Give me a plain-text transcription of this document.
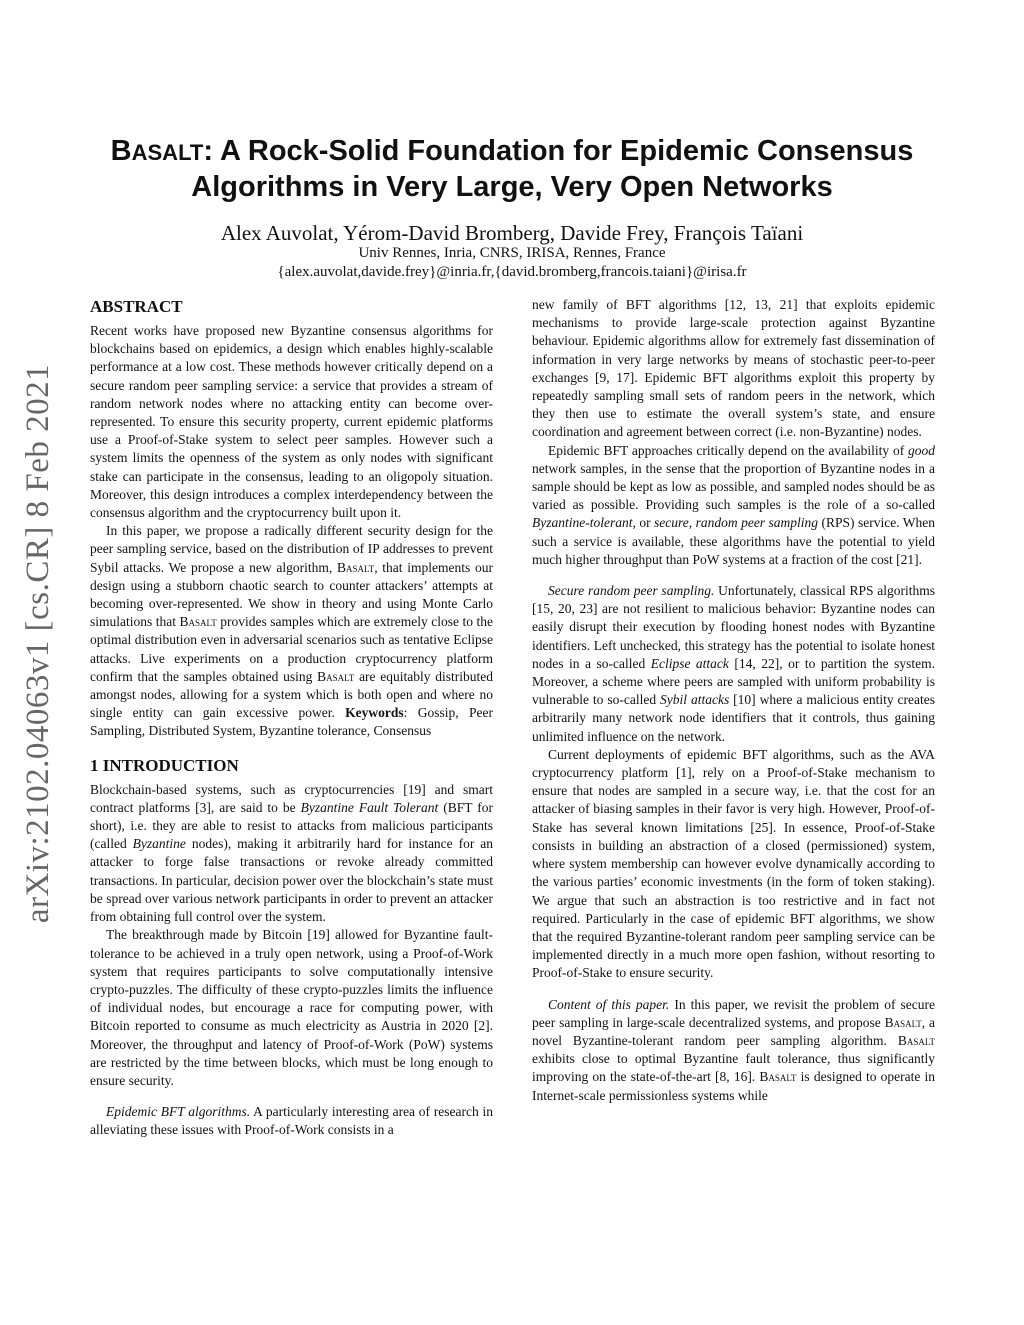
arXiv:2102.04063v1 [cs.CR] 8 Feb 2021
BASALT: A Rock-Solid Foundation for Epidemic Consensus
Algorithms in Very Large, Very Open Networks

Alex Auvolat, Yérom-David Bromberg, Davide Frey, François Taïani

Univ Rennes, Inria, CNRS, IRISA, Rennes, France

{alex.auvolat,davide.frey}@inria.fr,{david.bromberg,francois.taiani}@irisa.fr

ABSTRACT

Recent works have proposed new Byzantine consensus algorithms for blockchains based on epidemics, a design which enables highly-scalable performance at a low cost. These methods however critically depend on a secure random peer sampling service: a service that provides a stream of random network nodes where no attacking entity can become over-represented. To ensure this security property, current epidemic platforms use a Proof-of-Stake system to select peer samples. However such a system limits the openness of the system as only nodes with significant stake can participate in the consensus, leading to an oligopoly situation. Moreover, this design introduces a complex interdependency between the consensus algorithm and the cryptocurrency built upon it.

In this paper, we propose a radically different security design for the peer sampling service, based on the distribution of IP addresses to prevent Sybil attacks. We propose a new algorithm, Basalt, that implements our design using a stubborn chaotic search to counter attackers’ attempts at becoming over-represented. We show in theory and using Monte Carlo simulations that Basalt provides samples which are extremely close to the optimal distribution even in adversarial scenarios such as tentative Eclipse attacks. Live experiments on a production cryptocurrency platform confirm that the samples obtained using Basalt are equitably distributed amongst nodes, allowing for a system which is both open and where no single entity can gain excessive power. Keywords: Gossip, Peer Sampling, Distributed System, Byzantine tolerance, Consensus

1 INTRODUCTION

Blockchain-based systems, such as cryptocurrencies [19] and smart contract platforms [3], are said to be Byzantine Fault Tolerant (BFT for short), i.e. they are able to resist to attacks from malicious participants (called Byzantine nodes), making it arbitrarily hard for instance for an attacker to forge false transactions or revoke already committed transactions. In particular, decision power over the blockchain’s state must be spread over various network participants in order to prevent an attacker from obtaining full control over the system.

The breakthrough made by Bitcoin [19] allowed for Byzantine fault-tolerance to be achieved in a truly open network, using a Proof-of-Work system that requires participants to solve computationally intensive crypto-puzzles. The difficulty of these crypto-puzzles limits the influence of individual nodes, but encourage a race for computing power, with Bitcoin reported to consume as much electricity as Austria in 2020 [2]. Moreover, the throughput and latency of Proof-of-Work (PoW) systems are restricted by the time between blocks, which must be long enough to ensure security.

Epidemic BFT algorithms. A particularly interesting area of research in alleviating these issues with Proof-of-Work consists in a

new family of BFT algorithms [12, 13, 21] that exploits epidemic mechanisms to provide large-scale protection against Byzantine behaviour. Epidemic algorithms allow for extremely fast dissemination of information in very large networks by means of stochastic peer-to-peer exchanges [9, 17]. Epidemic BFT algorithms exploit this property by repeatedly sampling small sets of random peers in the network, which they then use to estimate the overall system’s state, and ensure coordination and agreement between correct (i.e. non-Byzantine) nodes.

Epidemic BFT approaches critically depend on the availability of good network samples, in the sense that the proportion of Byzantine nodes in a sample should be kept as low as possible, and sampled nodes should be as varied as possible. Providing such samples is the role of a so-called Byzantine-tolerant, or secure, random peer sampling (RPS) service. When such a service is available, these algorithms have the potential to yield much higher throughput than PoW systems at a fraction of the cost [21].

Secure random peer sampling. Unfortunately, classical RPS algorithms [15, 20, 23] are not resilient to malicious behavior: Byzantine nodes can easily disrupt their execution by flooding honest nodes with Byzantine identifiers. Left unchecked, this strategy has the potential to isolate honest nodes in a so-called Eclipse attack [14, 22], or to partition the system. Moreover, a scheme where peers are sampled with uniform probability is vulnerable to so-called Sybil attacks [10] where a malicious entity creates arbitrarily many network node identifiers that it controls, thus gaining unlimited influence on the network.

Current deployments of epidemic BFT algorithms, such as the AVA cryptocurrency platform [1], rely on a Proof-of-Stake mechanism to ensure that nodes are sampled in a secure way, i.e. that the cost for an attacker of biasing samples in their favor is very high. However, Proof-of-Stake has several known limitations [25]. In essence, Proof-of-Stake consists in building an abstraction of a closed (permissioned) system, where system membership can however evolve dynamically according to the various parties’ economic investments (in the form of token staking). We argue that such an abstraction is too restrictive and in fact not required. Particularly in the case of epidemic BFT algorithms, we show that the required Byzantine-tolerant random peer sampling service can be implemented directly in a much more open fashion, without resorting to Proof-of-Stake to ensure security.

Content of this paper. In this paper, we revisit the problem of secure peer sampling in large-scale decentralized systems, and propose Basalt, a novel Byzantine-tolerant random peer sampling algorithm. Basalt exhibits close to optimal Byzantine fault tolerance, thus significantly improving on the state-of-the-art [8, 16]. Basalt is designed to operate in Internet-scale permissionless systems while
